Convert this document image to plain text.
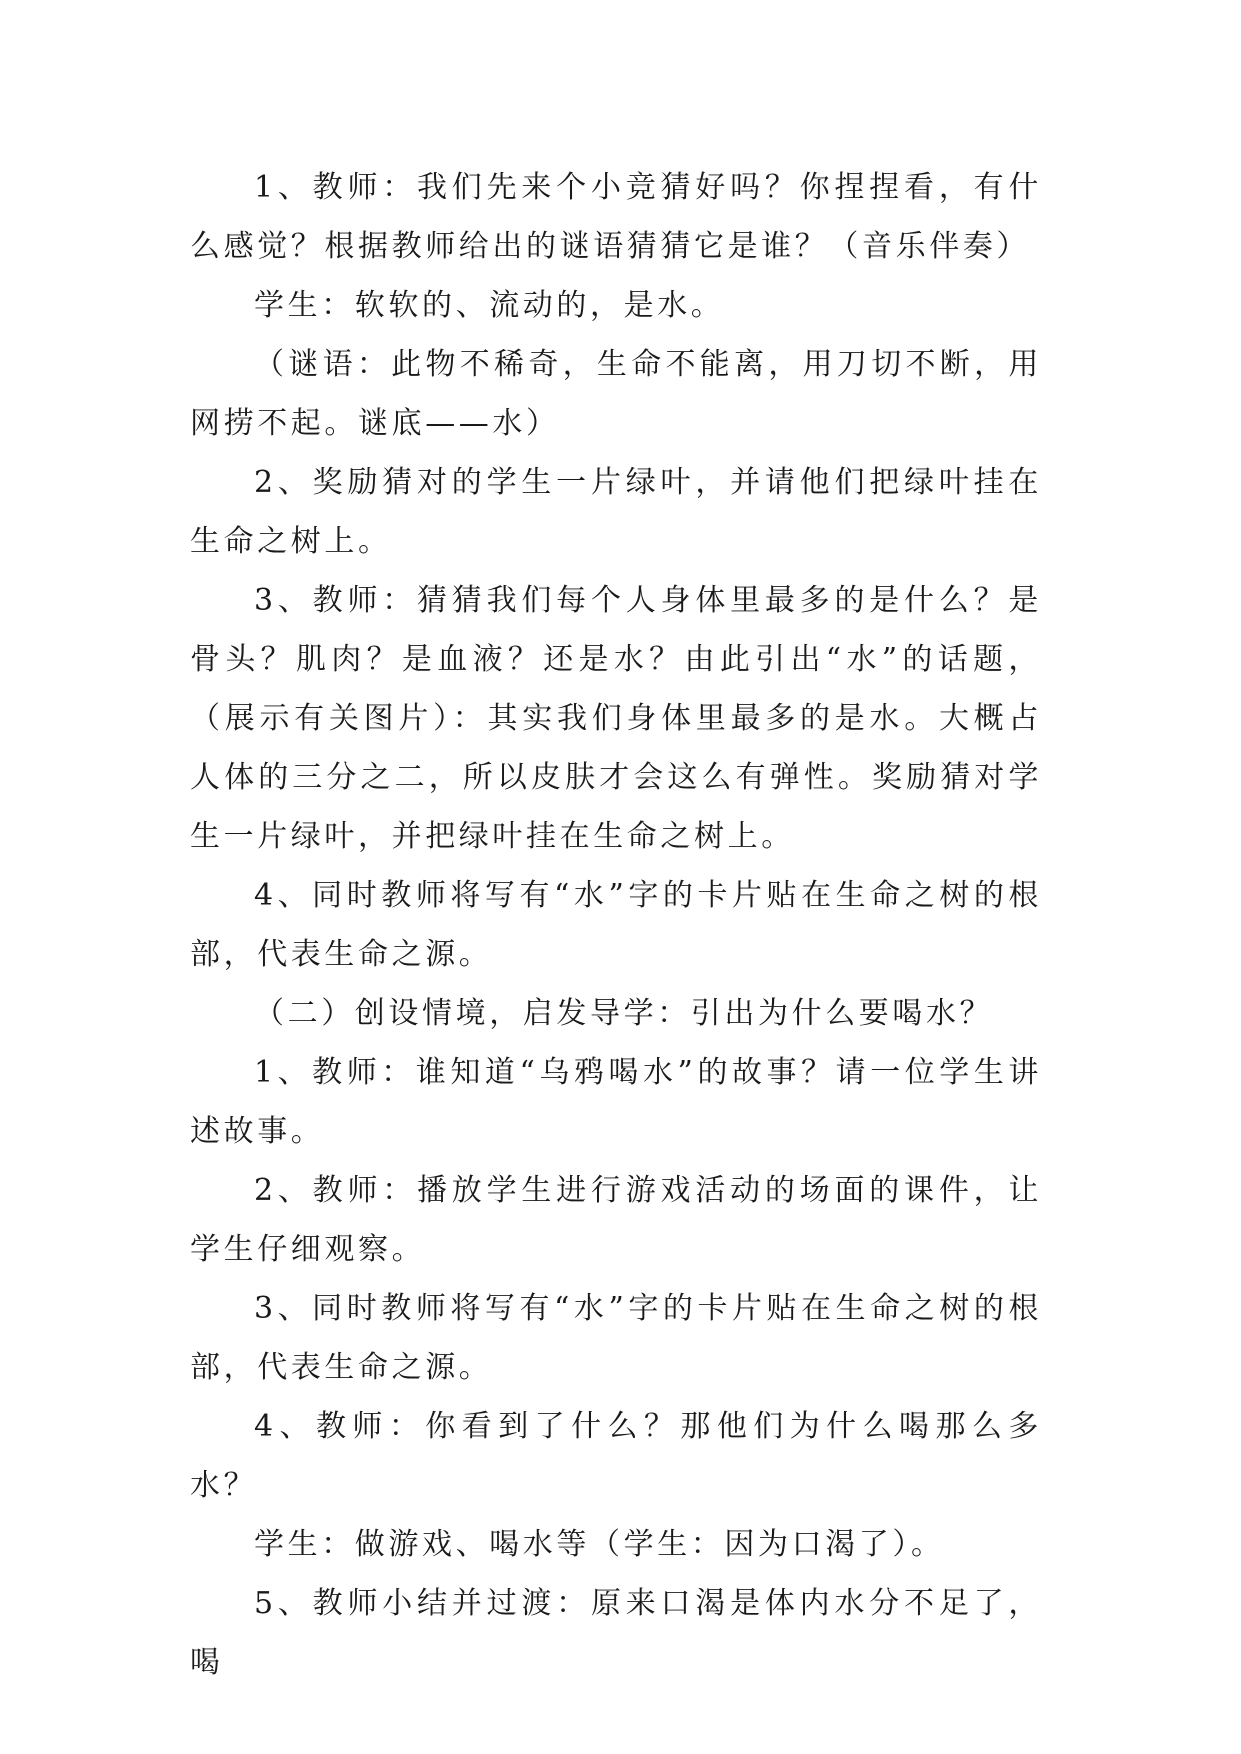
1、教师：我们先来个小竞猜好吗？你捏捏看，有什么感觉？根据教师给出的谜语猜猜它是谁？（音乐伴奏）

学生：软软的、流动的，是水。

（谜语：此物不稀奇，生命不能离，用刀切不断，用网捞不起。谜底——水）

2、奖励猜对的学生一片绿叶，并请他们把绿叶挂在生命之树上。

3、教师：猜猜我们每个人身体里最多的是什么？是骨头？肌肉？是血液？还是水？由此引出“水”的话题，（展示有关图片）：其实我们身体里最多的是水。大概占人体的三分之二，所以皮肤才会这么有弹性。奖励猜对学生一片绿叶，并把绿叶挂在生命之树上。

4、同时教师将写有“水”字的卡片贴在生命之树的根部，代表生命之源。

（二）创设情境，启发导学：引出为什么要喝水？

1、教师：谁知道“乌鸦喝水”的故事？请一位学生讲述故事。

2、教师：播放学生进行游戏活动的场面的课件，让学生仔细观察。

3、同时教师将写有“水”字的卡片贴在生命之树的根部，代表生命之源。

4、教师：你看到了什么？那他们为什么喝那么多水？

学生：做游戏、喝水等（学生：因为口渴了）。

5、教师小结并过渡：原来口渴是体内水分不足了，喝
